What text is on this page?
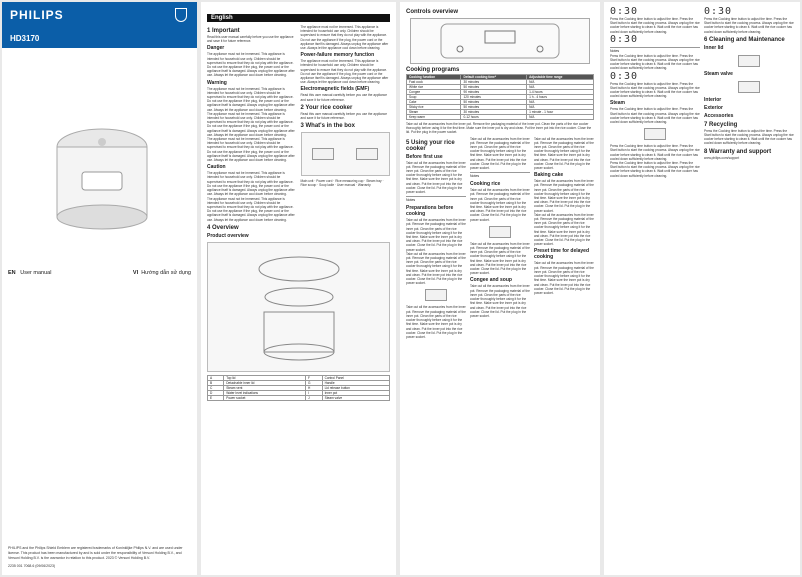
PHILIPS
HD3170
EN User manual	VI Hướng dẫn sử dụng
PHILIPS and the Philips Shield Emblem are registered trademarks of Koninklijke Philips N.V. and are used under license. This product has been manufactured by and is sold under the responsibility of Versuni Holding B.V., and Versuni Holding B.V. is the warrantor in relation to this product. 2023 © Versuni Holding B.V.
2235 001 7068.6 (09/06/2023)
English
1 Important
Read this user manual carefully before you use the appliance and save it for future reference.
Danger
The appliance must not be immersed. This appliance is intended for household use only. Children should be supervised to ensure that they do not play with the appliance. Do not use the appliance if the plug, the power cord or the appliance itself is damaged. Always unplug the appliance after use. Always let the appliance cool down before cleaning.
Warning
The appliance must not be immersed. This appliance is intended for household use only. Children should be supervised to ensure that they do not play with the appliance. Do not use the appliance if the plug, the power cord or the appliance itself is damaged. Always unplug the appliance after use. Always let the appliance cool down before cleaning.
The appliance must not be immersed. This appliance is intended for household use only. Children should be supervised to ensure that they do not play with the appliance. Do not use the appliance if the plug, the power cord or the appliance itself is damaged. Always unplug the appliance after use. Always let the appliance cool down before cleaning.
The appliance must not be immersed. This appliance is intended for household use only. Children should be supervised to ensure that they do not play with the appliance. Do not use the appliance if the plug, the power cord or the appliance itself is damaged. Always unplug the appliance after use. Always let the appliance cool down before cleaning.
Caution
The appliance must not be immersed. This appliance is intended for household use only. Children should be supervised to ensure that they do not play with the appliance. Do not use the appliance if the plug, the power cord or the appliance itself is damaged. Always unplug the appliance after use. Always let the appliance cool down before cleaning.
The appliance must not be immersed. This appliance is intended for household use only. Children should be supervised to ensure that they do not play with the appliance. Do not use the appliance if the plug, the power cord or the appliance itself is damaged. Always unplug the appliance after use. Always let the appliance cool down before cleaning.
The appliance must not be immersed. This appliance is intended for household use only. Children should be supervised to ensure that they do not play with the appliance. Do not use the appliance if the plug, the power cord or the appliance itself is damaged. Always unplug the appliance after use. Always let the appliance cool down before cleaning.
Power-failure memory function
The appliance must not be immersed. This appliance is intended for household use only. Children should be supervised to ensure that they do not play with the appliance. Do not use the appliance if the plug, the power cord or the appliance itself is damaged. Always unplug the appliance after use. Always let the appliance cool down before cleaning.
Electromagnetic fields (EMF)
Read this user manual carefully before you use the appliance and save it for future reference.
2 Your rice cooker
Read this user manual carefully before you use the appliance and save it for future reference.
3 What's in the box
Main unit · Power cord · Rice measuring cup · Steam tray · Rice scoop · Soup ladle · User manual · Warranty
4 Overview
Product overview
A	Top lid	F	Control Panel
B	Detachable inner lid	G	Handle
C	Steam vent	H	Lid release button
D	Water level indications	I	Inner pot
E	Power socket	J	Steam valve
Controls overview
Cooking programs
Cooking function	Default cooking time*	Adjustable time range
Fast cook	30 minutes	N/A
White rice	50 minutes	N/A
Congee	90 minutes	1-4 hours
Soup	120 minutes	1 h - 4 hours
Cake	50 minutes	N/A
Sticky rice	50 minutes	N/A
Steam	30 minutes	1 minute - 1 hour
Keep warm	0-12 hours	N/A
Take out all the accessories from the inner pot. Remove the packaging material of the inner pot. Clean the parts of the rice cooker thoroughly before using it for the first time. Make sure the inner pot is dry and clean. Put the inner pot into the rice cooker. Close the lid. Put the plug in the power socket.
5 Using your rice cooker
Before first use
Take out all the accessories from the inner pot. Remove the packaging material of the inner pot. Clean the parts of the rice cooker thoroughly before using it for the first time. Make sure the inner pot is dry and clean. Put the inner pot into the rice cooker. Close the lid. Put the plug in the power socket.
Notes
Preparations before cooking
Take out all the accessories from the inner pot. Remove the packaging material of the inner pot. Clean the parts of the rice cooker thoroughly before using it for the first time. Make sure the inner pot is dry and clean. Put the inner pot into the rice cooker. Close the lid. Put the plug in the power socket.
Take out all the accessories from the inner pot. Remove the packaging material of the inner pot. Clean the parts of the rice cooker thoroughly before using it for the first time. Make sure the inner pot is dry and clean. Put the inner pot into the rice cooker. Close the lid. Put the plug in the power socket.
Take out all the accessories from the inner pot. Remove the packaging material of the inner pot. Clean the parts of the rice cooker thoroughly before using it for the first time. Make sure the inner pot is dry and clean. Put the inner pot into the rice cooker. Close the lid. Put the plug in the power socket.
Take out all the accessories from the inner pot. Remove the packaging material of the inner pot. Clean the parts of the rice cooker thoroughly before using it for the first time. Make sure the inner pot is dry and clean. Put the inner pot into the rice cooker. Close the lid. Put the plug in the power socket.
Notes
Cooking rice
Take out all the accessories from the inner pot. Remove the packaging material of the inner pot. Clean the parts of the rice cooker thoroughly before using it for the first time. Make sure the inner pot is dry and clean. Put the inner pot into the rice cooker. Close the lid. Put the plug in the power socket.
Take out all the accessories from the inner pot. Remove the packaging material of the inner pot. Clean the parts of the rice cooker thoroughly before using it for the first time. Make sure the inner pot is dry and clean. Put the inner pot into the rice cooker. Close the lid. Put the plug in the power socket.
Congee and soup
Take out all the accessories from the inner pot. Remove the packaging material of the inner pot. Clean the parts of the rice cooker thoroughly before using it for the first time. Make sure the inner pot is dry and clean. Put the inner pot into the rice cooker. Close the lid. Put the plug in the power socket.
Take out all the accessories from the inner pot. Remove the packaging material of the inner pot. Clean the parts of the rice cooker thoroughly before using it for the first time. Make sure the inner pot is dry and clean. Put the inner pot into the rice cooker. Close the lid. Put the plug in the power socket.
Baking cake
Take out all the accessories from the inner pot. Remove the packaging material of the inner pot. Clean the parts of the rice cooker thoroughly before using it for the first time. Make sure the inner pot is dry and clean. Put the inner pot into the rice cooker. Close the lid. Put the plug in the power socket.
Take out all the accessories from the inner pot. Remove the packaging material of the inner pot. Clean the parts of the rice cooker thoroughly before using it for the first time. Make sure the inner pot is dry and clean. Put the inner pot into the rice cooker. Close the lid. Put the plug in the power socket.
Preset time for delayed cooking
Take out all the accessories from the inner pot. Remove the packaging material of the inner pot. Clean the parts of the rice cooker thoroughly before using it for the first time. Make sure the inner pot is dry and clean. Put the inner pot into the rice cooker. Close the lid. Put the plug in the power socket.
0:30
Press the Cooking time button to adjust the time. Press the Start button to start the cooking process. Always unplug the rice cooker before starting to clean it. Wait until the rice cooker has cooled down sufficiently before cleaning.
0:30
Notes
Press the Cooking time button to adjust the time. Press the Start button to start the cooking process. Always unplug the rice cooker before starting to clean it. Wait until the rice cooker has cooled down sufficiently before cleaning.
0:30
Press the Cooking time button to adjust the time. Press the Start button to start the cooking process. Always unplug the rice cooker before starting to clean it. Wait until the rice cooker has cooled down sufficiently before cleaning.
Steam
Press the Cooking time button to adjust the time. Press the Start button to start the cooking process. Always unplug the rice cooker before starting to clean it. Wait until the rice cooker has cooled down sufficiently before cleaning.
Press the Cooking time button to adjust the time. Press the Start button to start the cooking process. Always unplug the rice cooker before starting to clean it. Wait until the rice cooker has cooled down sufficiently before cleaning.
Press the Cooking time button to adjust the time. Press the Start button to start the cooking process. Always unplug the rice cooker before starting to clean it. Wait until the rice cooker has cooled down sufficiently before cleaning.
0:30
Press the Cooking time button to adjust the time. Press the Start button to start the cooking process. Always unplug the rice cooker before starting to clean it. Wait until the rice cooker has cooled down sufficiently before cleaning.
6 Cleaning and Maintenance
Inner lid
Steam valve
Interior
Exterior
Accessories
7 Recycling
Press the Cooking time button to adjust the time. Press the Start button to start the cooking process. Always unplug the rice cooker before starting to clean it. Wait until the rice cooker has cooled down sufficiently before cleaning.
8 Warranty and support
www.philips.com/support
